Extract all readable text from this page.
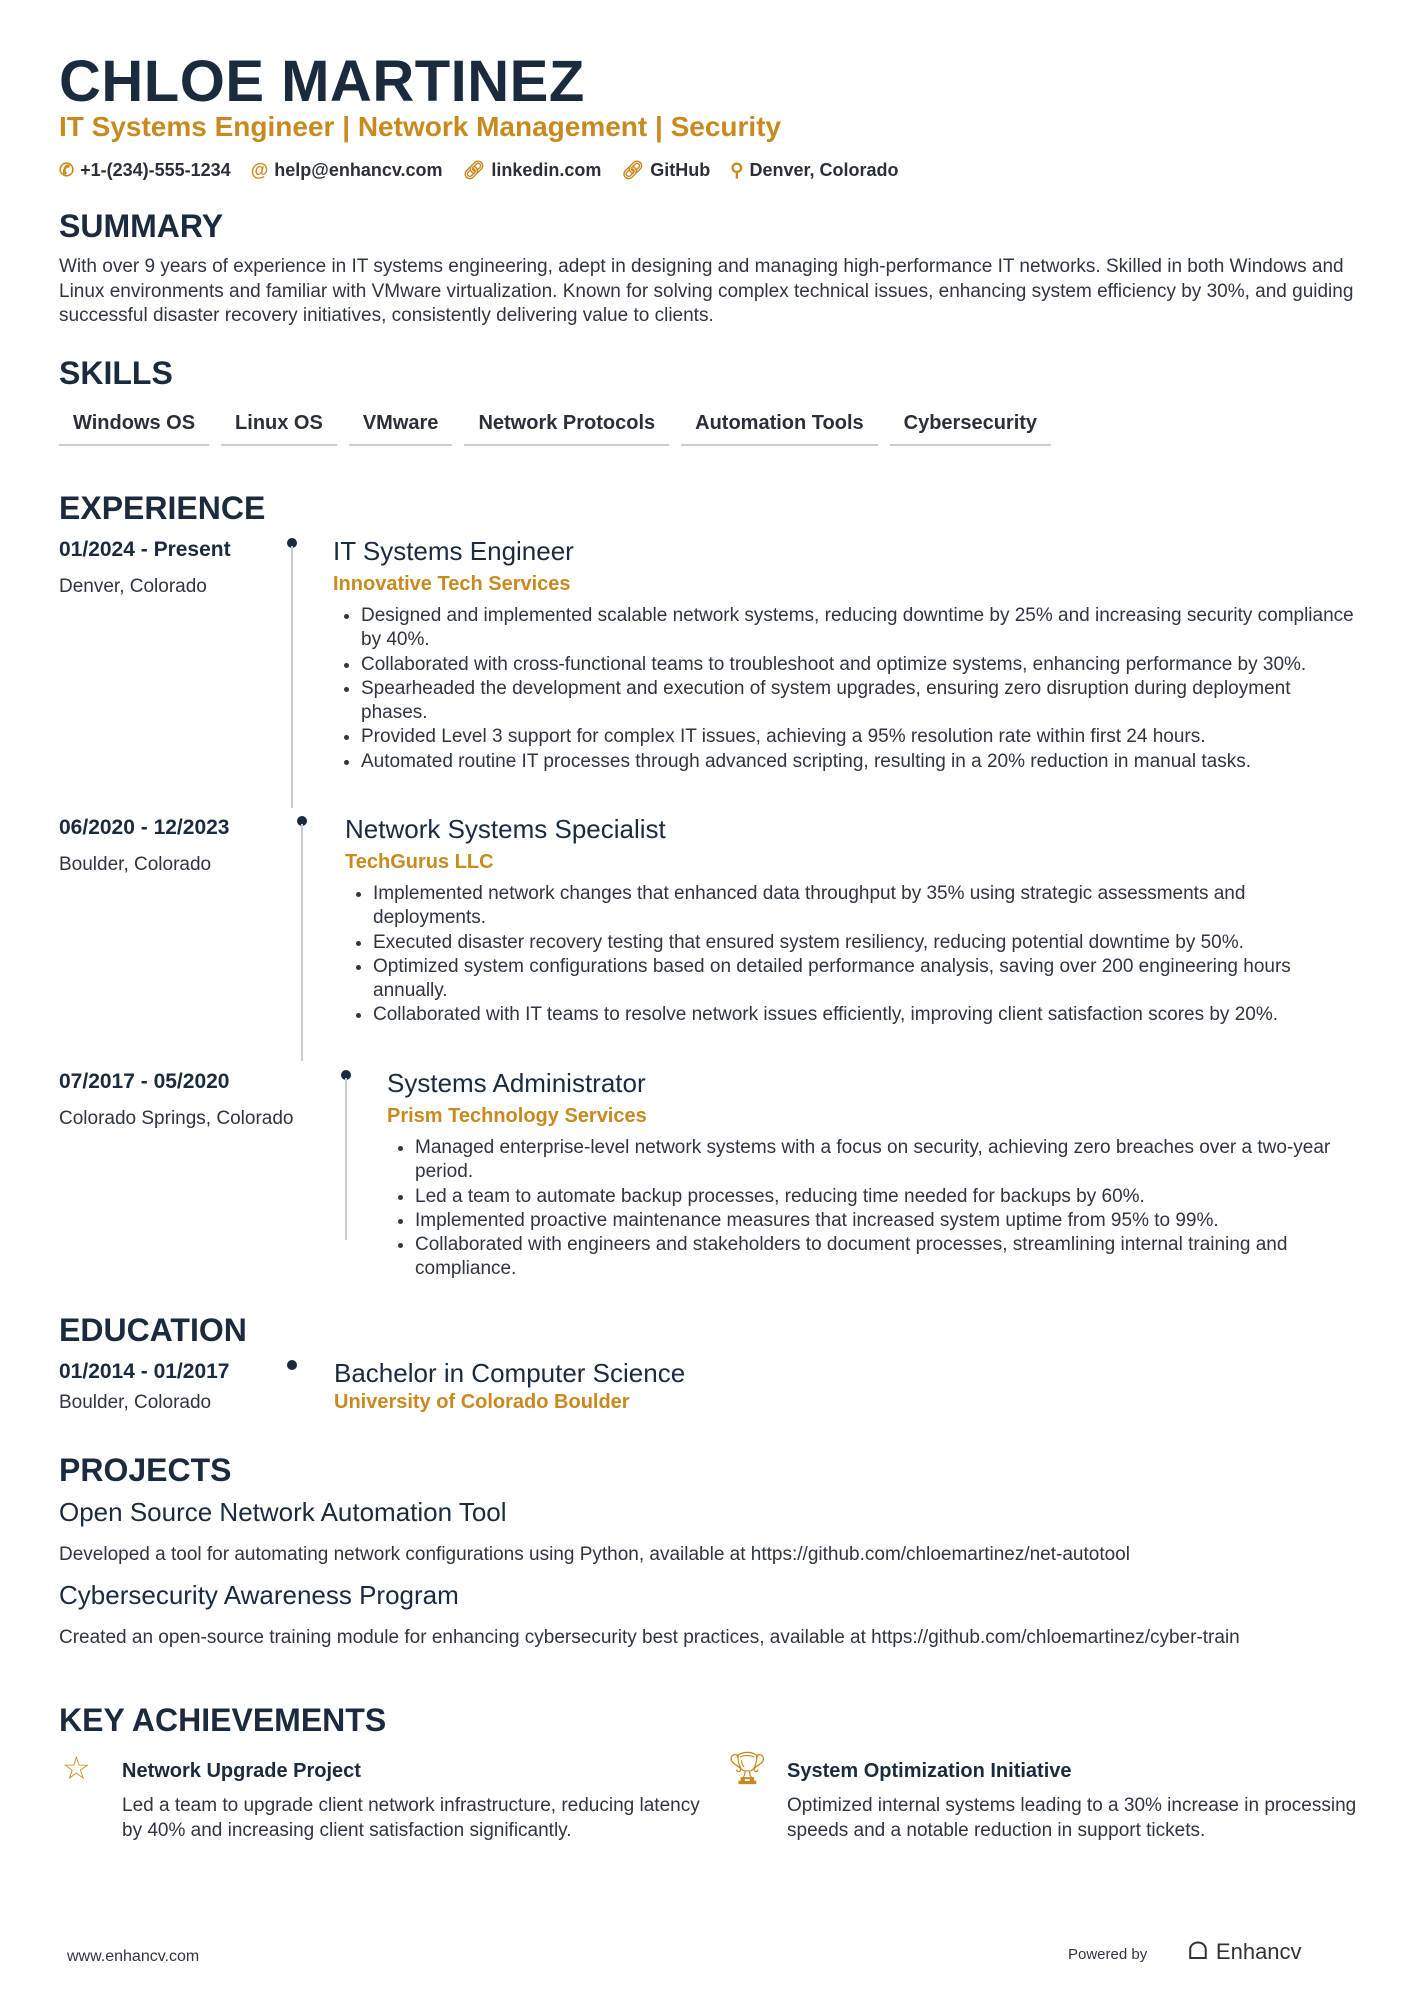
CHLOE MARTINEZ
IT Systems Engineer | Network Management | Security
✆ +1-(234)-555-1234 @ help@enhancv.com 🔗︎ linkedin.com 🔗︎ GitHub ⚲ Denver, Colorado
SUMMARY

With over 9 years of experience in IT systems engineering, adept in designing and managing high-performance IT networks. Skilled in both Windows and Linux environments and familiar with VMware virtualization. Known for solving complex technical issues, enhancing system efficiency by 30%, and guiding successful disaster recovery initiatives, consistently delivering value to clients.

SKILLS
Windows OS	Linux OS	VMware	Network Protocols	Automation Tools	Cybersecurity
EXPERIENCE
01/2024 - Present
Denver, Colorado
IT Systems Engineer
Innovative Tech Services
• Designed and implemented scalable network systems, reducing downtime by 25% and increasing security compliance by 40%.
• Collaborated with cross-functional teams to troubleshoot and optimize systems, enhancing performance by 30%.
• Spearheaded the development and execution of system upgrades, ensuring zero disruption during deployment phases.
• Provided Level 3 support for complex IT issues, achieving a 95% resolution rate within first 24 hours.
• Automated routine IT processes through advanced scripting, resulting in a 20% reduction in manual tasks.
06/2020 - 12/2023
Boulder, Colorado
Network Systems Specialist
TechGurus LLC
• Implemented network changes that enhanced data throughput by 35% using strategic assessments and deployments.
• Executed disaster recovery testing that ensured system resiliency, reducing potential downtime by 50%.
• Optimized system configurations based on detailed performance analysis, saving over 200 engineering hours annually.
• Collaborated with IT teams to resolve network issues efficiently, improving client satisfaction scores by 20%.
07/2017 - 05/2020
Colorado Springs, Colorado
Systems Administrator
Prism Technology Services
• Managed enterprise-level network systems with a focus on security, achieving zero breaches over a two-year period.
• Led a team to automate backup processes, reducing time needed for backups by 60%.
• Implemented proactive maintenance measures that increased system uptime from 95% to 99%.
• Collaborated with engineers and stakeholders to document processes, streamlining internal training and compliance.
EDUCATION
01/2014 - 01/2017
Boulder, Colorado
Bachelor in Computer Science
University of Colorado Boulder
PROJECTS
Open Source Network Automation Tool

Developed a tool for automating network configurations using Python, available at https://github.com/chloemartinez/net-autotool

Cybersecurity Awareness Program

Created an open-source training module for enhancing cybersecurity best practices, available at https://github.com/chloemartinez/cyber-train

KEY ACHIEVEMENTS
☆ Network Upgrade Project
Led a team to upgrade client network infrastructure, reducing latency by 40% and increasing client satisfaction significantly.
🏆︎ System Optimization Initiative
Optimized internal systems leading to a 30% increase in processing speeds and a notable reduction in support tickets.
www.enhancv.com	Powered by ᗝ Enhancv
